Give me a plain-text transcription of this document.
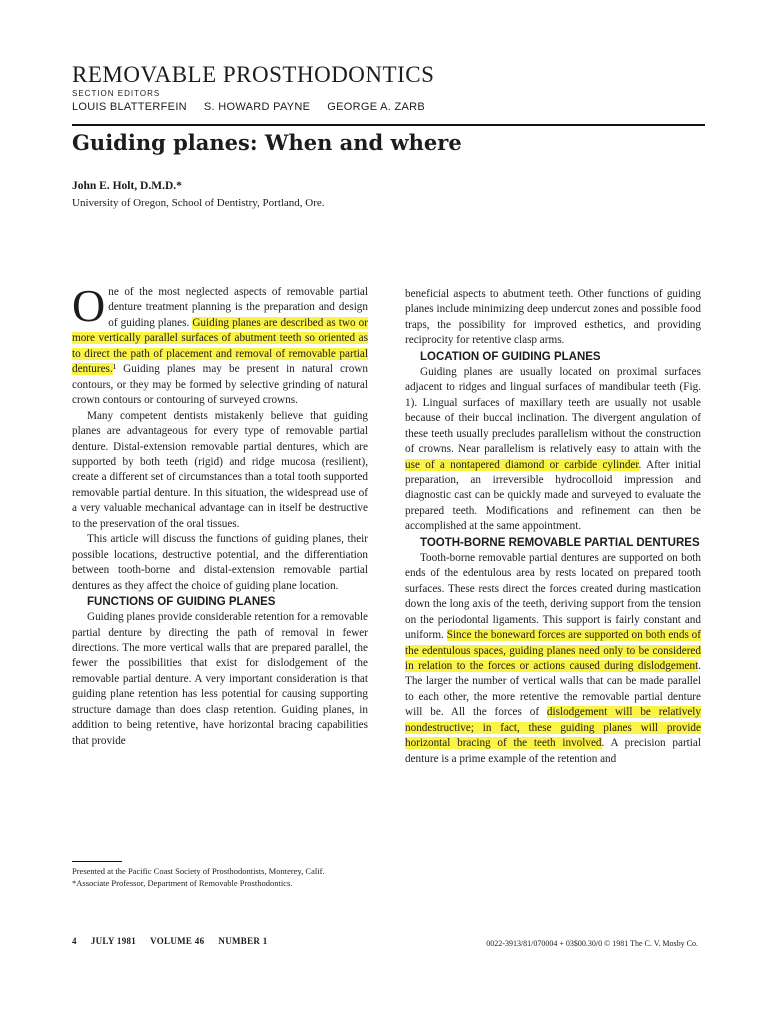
REMOVABLE PROSTHODONTICS
SECTION EDITORS
LOUIS BLATTERFEIN S. HOWARD PAYNE GEORGE A. ZARB
Guiding planes: When and where
John E. Holt, D.M.D.*
University of Oregon, School of Dentistry, Portland, Ore.

O ne of the most neglected aspects of removable partial denture treatment planning is the preparation and design of guiding planes. Guiding planes are described as two or more vertically parallel surfaces of abutment teeth so oriented as to direct the path of placement and removal of removable partial dentures.¹ Guiding planes may be present in natural crown contours, or they may be formed by selective grinding of natural crown contours or contouring of surveyed crowns.

Many competent dentists mistakenly believe that guiding planes are advantageous for every type of removable partial denture. Distal-extension removable partial dentures, which are supported by both teeth (rigid) and ridge mucosa (resilient), create a different set of circumstances than a total tooth supported removable partial denture. In this situation, the widespread use of a very valuable mechanical advantage can in itself be destructive to the preservation of the oral tissues.

This article will discuss the functions of guiding planes, their possible locations, destructive potential, and the differentiation between tooth-borne and distal-extension removable partial dentures as they affect the choice of guiding plane location.

FUNCTIONS OF GUIDING PLANES

Guiding planes provide considerable retention for a removable partial denture by directing the path of removal in fewer directions. The more vertical walls that are prepared parallel, the fewer the possibilities that exist for dislodgement of the removable partial denture. A very important consideration is that guiding plane retention has less potential for causing supporting structure damage than does clasp retention. Guiding planes, in addition to being retentive, have horizontal bracing capabilities that provide

beneficial aspects to abutment teeth. Other functions of guiding planes include minimizing deep undercut zones and possible food traps, the possibility for improved esthetics, and providing reciprocity for retentive clasp arms.

LOCATION OF GUIDING PLANES

Guiding planes are usually located on proximal surfaces adjacent to ridges and lingual surfaces of mandibular teeth (Fig. 1). Lingual surfaces of maxillary teeth are usually not usable because of their buccal inclination. The divergent angulation of these teeth usually precludes parallelism without the construction of crowns. Near parallelism is relatively easy to attain with the use of a nontapered diamond or carbide cylinder. After initial preparation, an irreversible hydrocolloid impression and diagnostic cast can be quickly made and surveyed to evaluate the prepared teeth. Modifications and refinement can then be accomplished at the same appointment.

TOOTH-BORNE REMOVABLE PARTIAL DENTURES

Tooth-borne removable partial dentures are supported on both ends of the edentulous area by rests located on prepared tooth surfaces. These rests direct the forces created during mastication down the long axis of the teeth, deriving support from the tension on the periodontal ligaments. This support is fairly constant and uniform. Since the boneward forces are supported on both ends of the edentulous spaces, guiding planes need only to be considered in relation to the forces or actions caused during dislodgement. The larger the number of vertical walls that can be made parallel to each other, the more retentive the removable partial denture will be. All the forces of dislodgement will be relatively nondestructive; in fact, these guiding planes will provide horizontal bracing of the teeth involved. A precision partial denture is a prime example of the retention and

Presented at the Pacific Coast Society of Prosthodontists, Monterey, Calif.
*Associate Professor, Department of Removable Prosthodontics.
4 JULY 1981 VOLUME 46 NUMBER 1	0022-3913/81/070004 + 03$00.30/0 © 1981 The C. V. Mosby Co.
